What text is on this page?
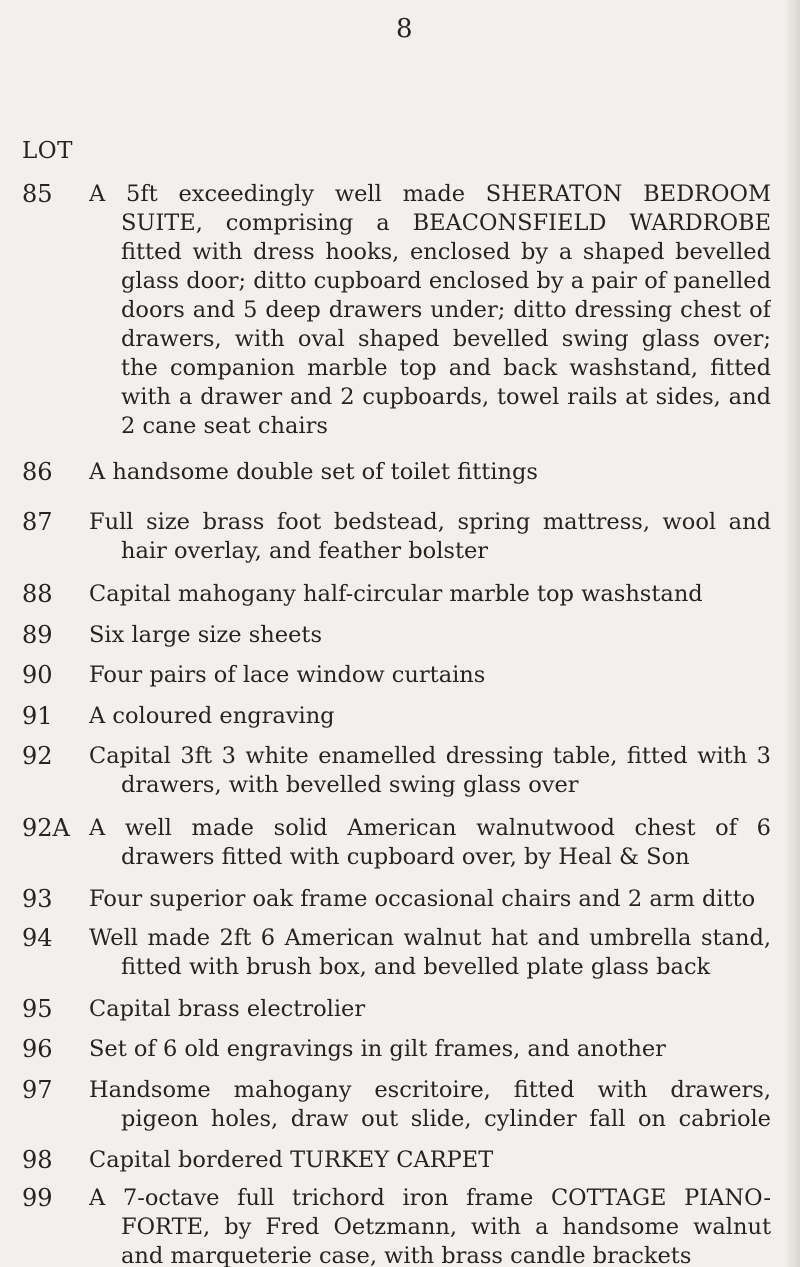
8
LOT
85	A 5ft exceedingly well made SHERATON BEDROOM SUITE, comprising a BEACONSFIELD WARDROBE fitted with dress hooks, enclosed by a shaped bevelled glass door; ditto cupboard enclosed by a pair of panelled doors and 5 deep drawers under; ditto dressing chest of drawers, with oval shaped bevelled swing glass over; the companion marble top and back washstand, fitted with a drawer and 2 cupboards, towel rails at sides, and 2 cane seat chairs
86	A handsome double set of toilet fittings
87	Full size brass foot bedstead, spring mattress, wool and hair overlay, and feather bolster
88	Capital mahogany half-circular marble top washstand
89	Six large size sheets
90	Four pairs of lace window curtains
91	A coloured engraving
92	Capital 3ft 3 white enamelled dressing table, fitted with 3 drawers, with bevelled swing glass over
92A A well made solid American walnutwood chest of 6 drawers fitted with cupboard over, by Heal & Son
93	Four superior oak frame occasional chairs and 2 arm ditto
94	Well made 2ft 6 American walnut hat and umbrella stand, fitted with brush box, and bevelled plate glass back
95	Capital brass electrolier
96	Set of 6 old engravings in gilt frames, and another
97	Handsome mahogany escritoire, fitted with drawers, pigeon holes, draw out slide, cylinder fall on cabriole
98	Capital bordered TURKEY CARPET
99	A 7-octave full trichord iron frame COTTAGE PIANO-FORTE, by Fred Oetzmann, with a handsome walnut and marqueterie case, with brass candle brackets
